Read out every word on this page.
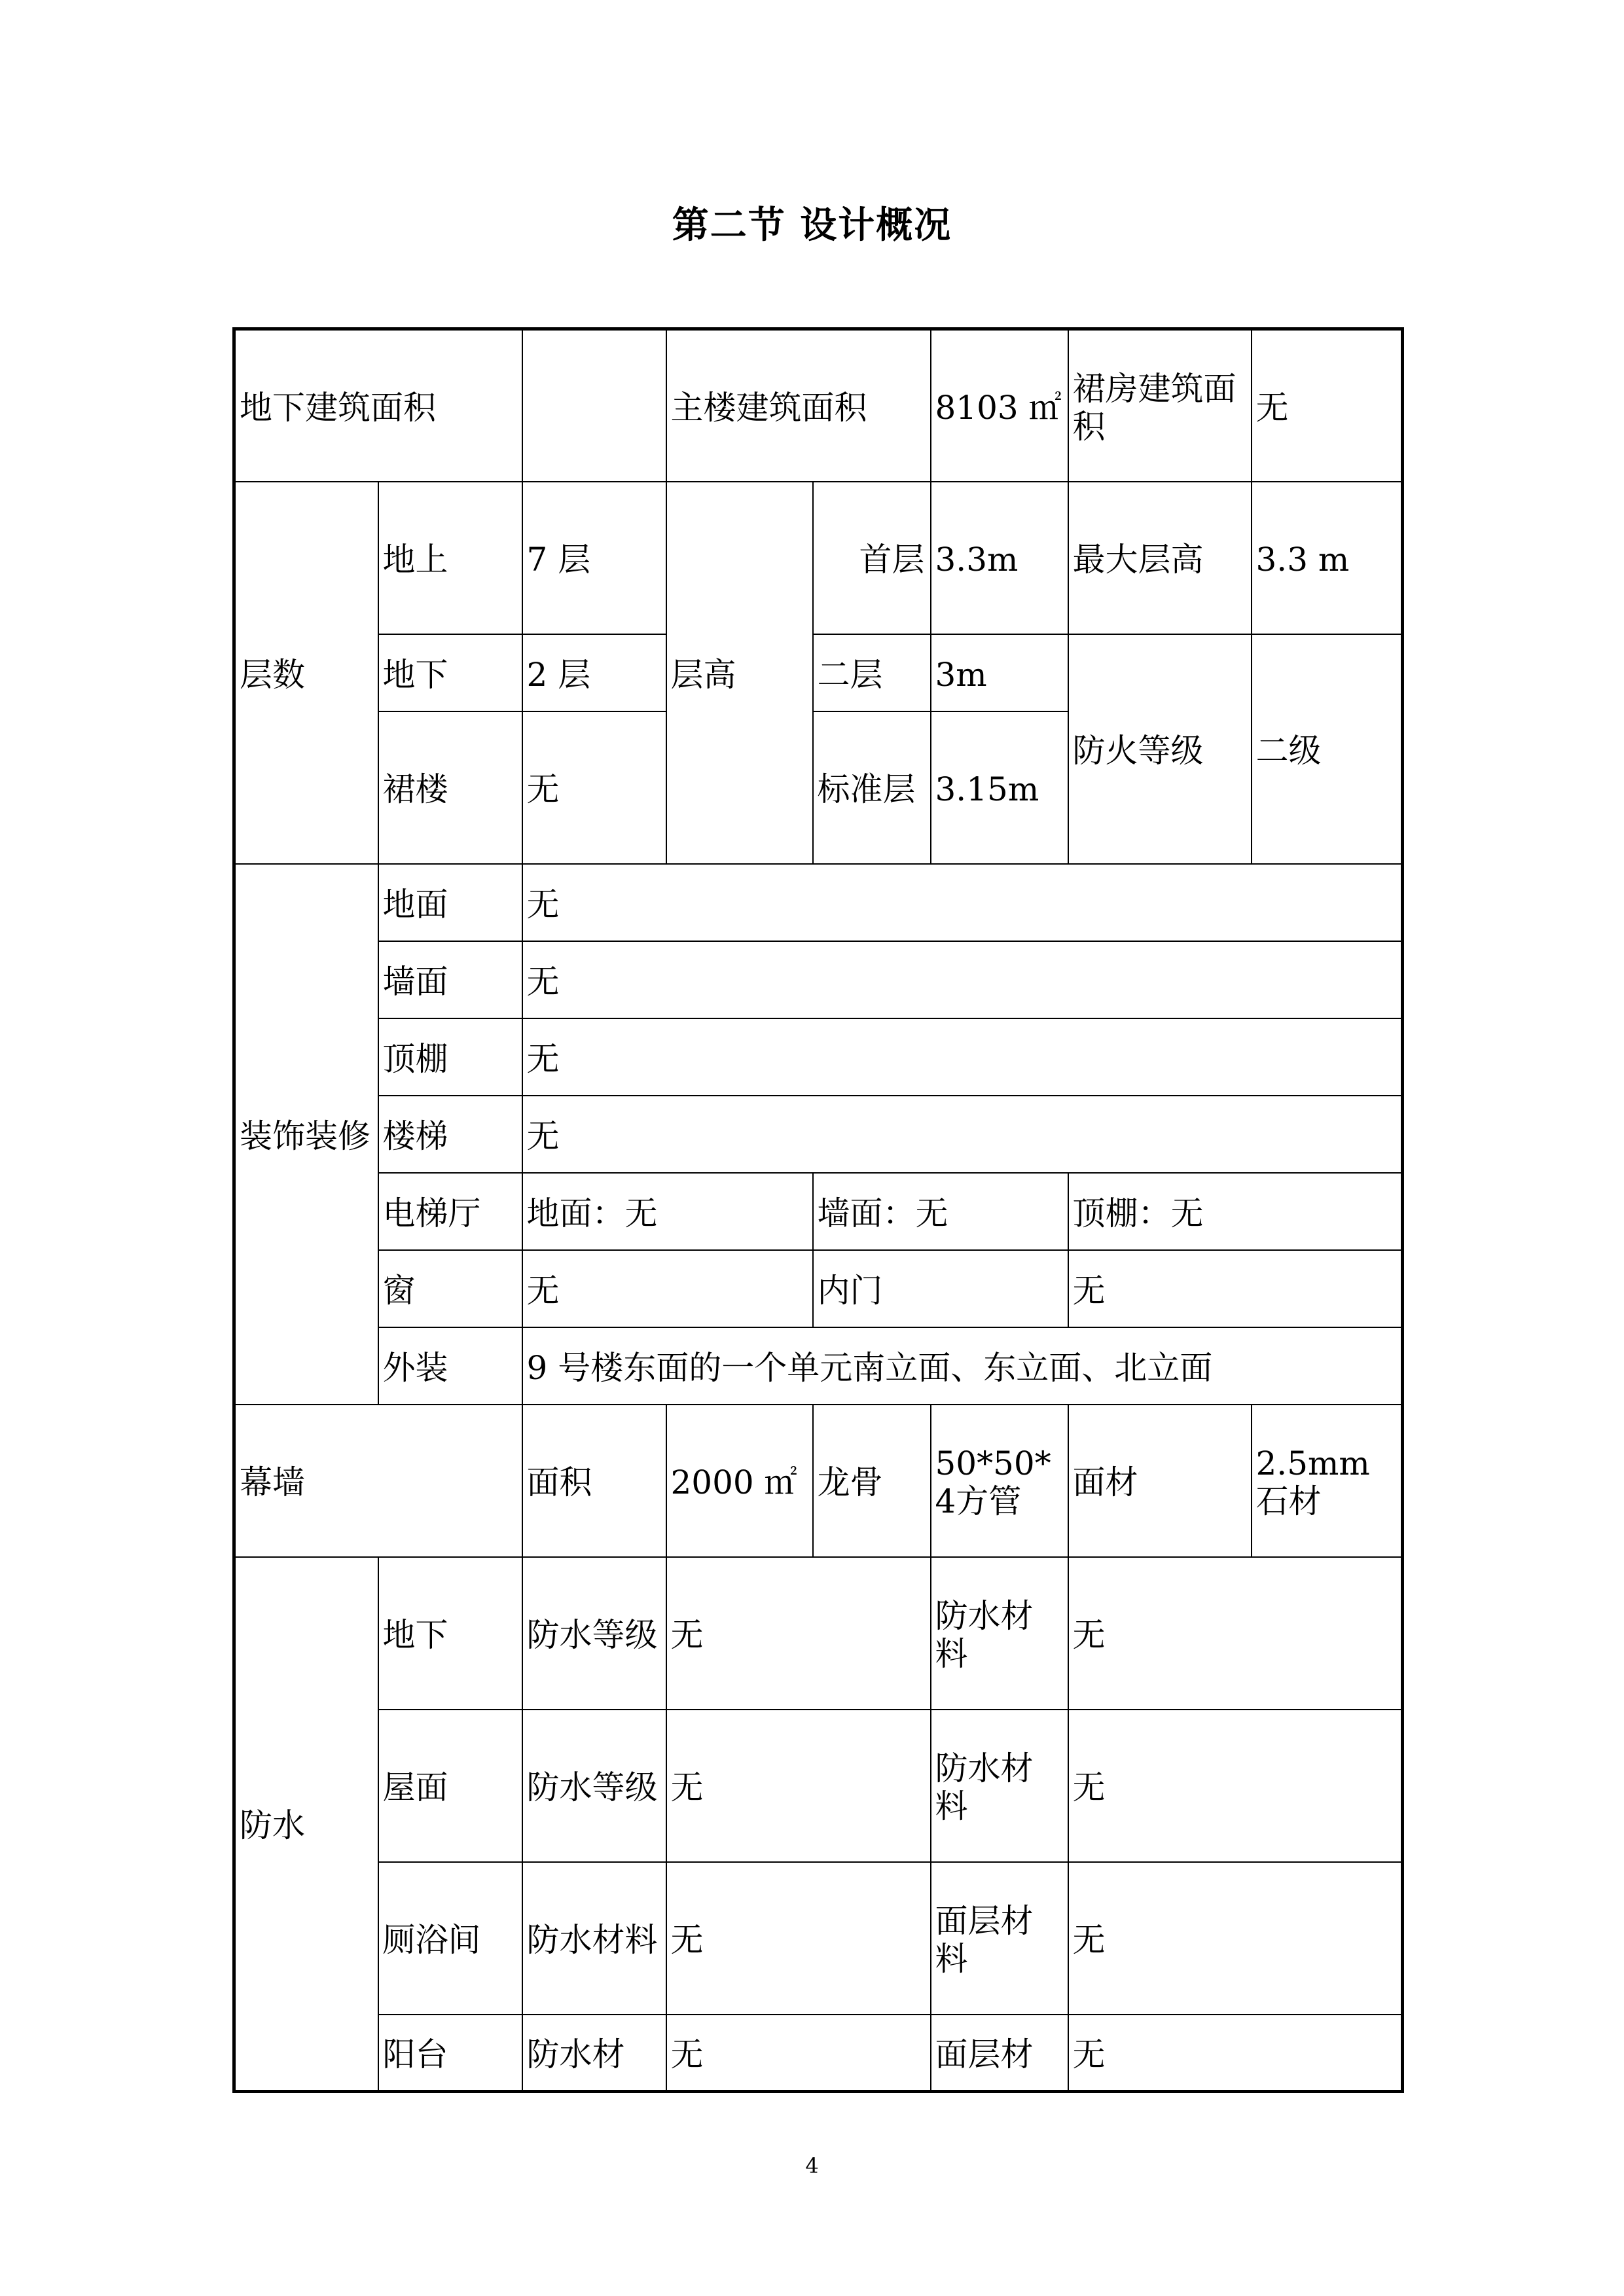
第二节 设计概况
地下建筑面积			主楼建筑面积		8103 ㎡	裙房建筑面积	无
层数	地上	7 层	层高	首层	3.3m	最大层高	3.3 m
	地下	2 层		二层	3m	防火等级	二级
	裙楼	无		标准层	3.15m		
装饰装修	地面	无					
	墙面	无					
	顶棚	无					
	楼梯	无					
	电梯厅	地面：无		墙面：无		顶棚：无	
	窗	无		内门		无	
	外装	9 号楼东面的一个单元南立面、东立面、北立面					
幕墙		面积	2000 ㎡	龙骨	50*50*4方管	面材	2.5mm 石材
防水	地下	防水等级	无		防水材料	无	
	屋面	防水等级	无		防水材料	无	
	厕浴间	防水材料	无		面层材料	无	
	阳台	防水材	无		面层材	无	
4
